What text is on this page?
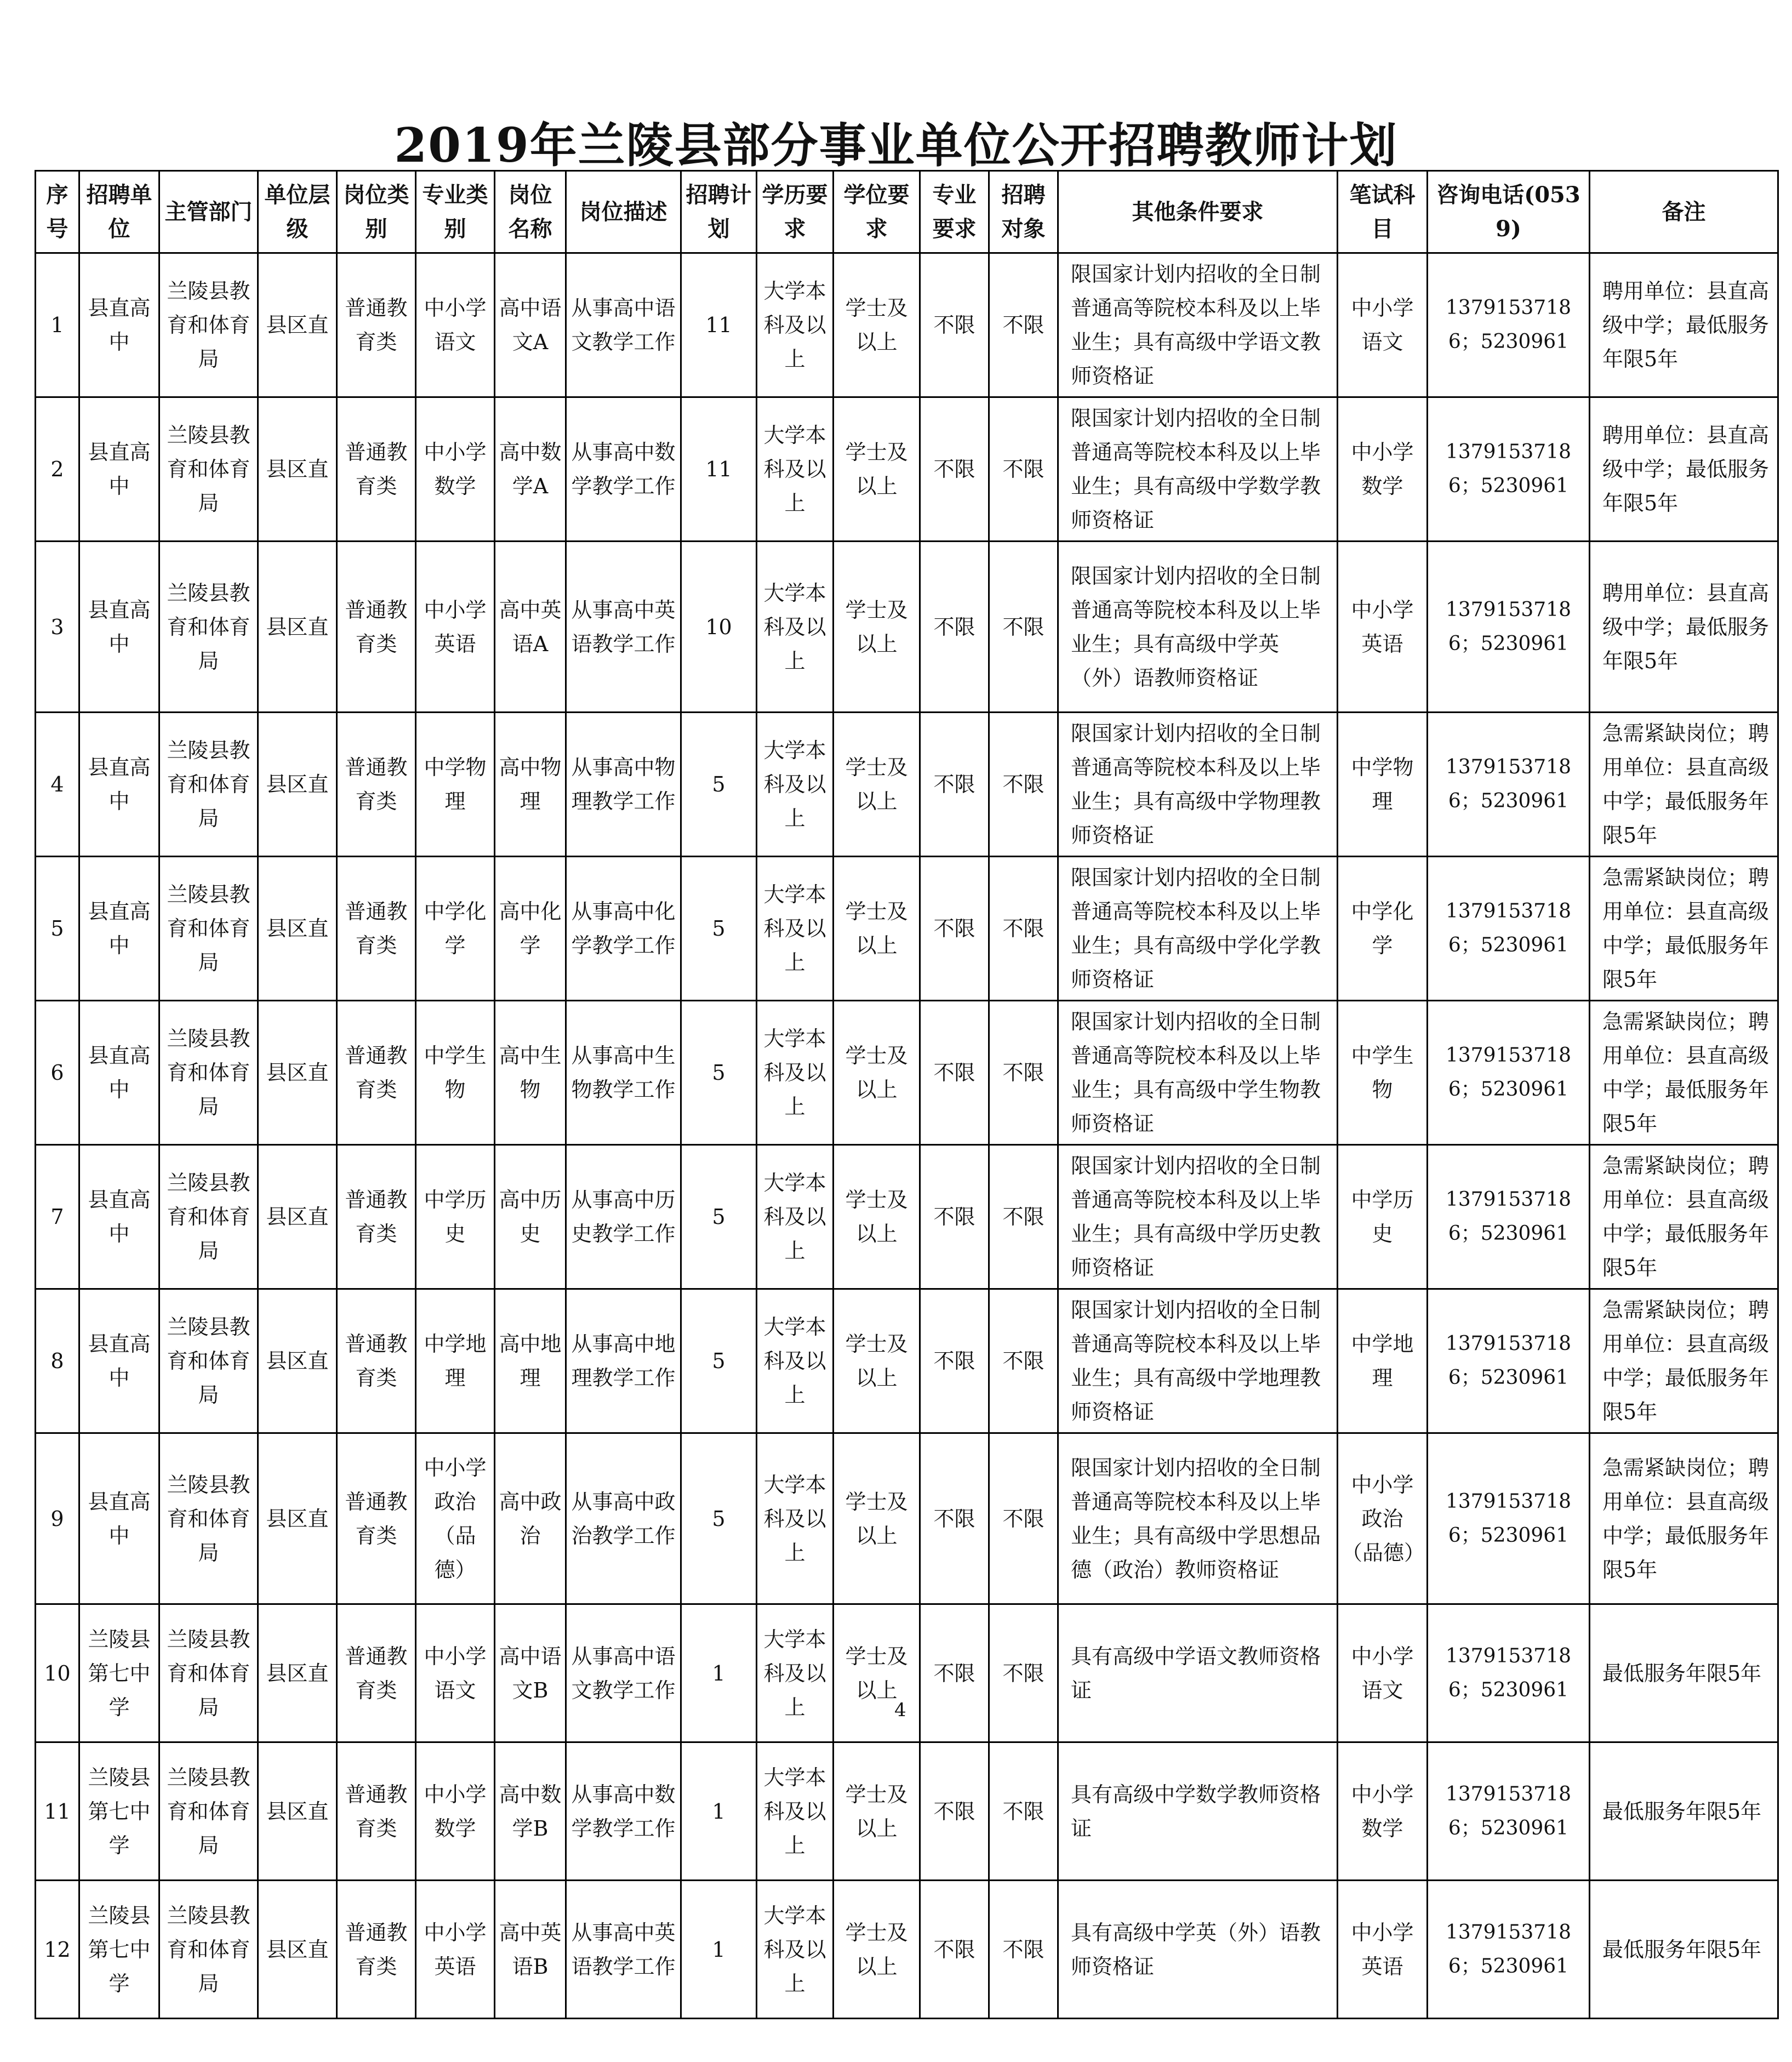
2019年兰陵县部分事业单位公开招聘教师计划
序号	招聘单位	主管部门	单位层级	岗位类别	专业类别	岗位名称	岗位描述	招聘计划	学历要求	学位要求	专业要求	招聘对象	其他条件要求	笔试科目	咨询电话(0539)	备注
1	县直高中	兰陵县教育和体育局	县区直	普通教育类	中小学语文	高中语文A	从事高中语文教学工作	11	大学本科及以上	学士及以上	不限	不限	限国家计划内招收的全日制普通高等院校本科及以上毕业生；具有高级中学语文教师资格证	中小学语文	13791537186；5230961	聘用单位：县直高级中学；最低服务年限5年
2	县直高中	兰陵县教育和体育局	县区直	普通教育类	中小学数学	高中数学A	从事高中数学教学工作	11	大学本科及以上	学士及以上	不限	不限	限国家计划内招收的全日制普通高等院校本科及以上毕业生；具有高级中学数学教师资格证	中小学数学	13791537186；5230961	聘用单位：县直高级中学；最低服务年限5年
3	县直高中	兰陵县教育和体育局	县区直	普通教育类	中小学英语	高中英语A	从事高中英语教学工作	10	大学本科及以上	学士及以上	不限	不限	限国家计划内招收的全日制普通高等院校本科及以上毕业生；具有高级中学英（外）语教师资格证	中小学英语	13791537186；5230961	聘用单位：县直高级中学；最低服务年限5年
4	县直高中	兰陵县教育和体育局	县区直	普通教育类	中学物理	高中物理	从事高中物理教学工作	5	大学本科及以上	学士及以上	不限	不限	限国家计划内招收的全日制普通高等院校本科及以上毕业生；具有高级中学物理教师资格证	中学物理	13791537186；5230961	急需紧缺岗位；聘用单位：县直高级中学；最低服务年限5年
5	县直高中	兰陵县教育和体育局	县区直	普通教育类	中学化学	高中化学	从事高中化学教学工作	5	大学本科及以上	学士及以上	不限	不限	限国家计划内招收的全日制普通高等院校本科及以上毕业生；具有高级中学化学教师资格证	中学化学	13791537186；5230961	急需紧缺岗位；聘用单位：县直高级中学；最低服务年限5年
6	县直高中	兰陵县教育和体育局	县区直	普通教育类	中学生物	高中生物	从事高中生物教学工作	5	大学本科及以上	学士及以上	不限	不限	限国家计划内招收的全日制普通高等院校本科及以上毕业生；具有高级中学生物教师资格证	中学生物	13791537186；5230961	急需紧缺岗位；聘用单位：县直高级中学；最低服务年限5年
7	县直高中	兰陵县教育和体育局	县区直	普通教育类	中学历史	高中历史	从事高中历史教学工作	5	大学本科及以上	学士及以上	不限	不限	限国家计划内招收的全日制普通高等院校本科及以上毕业生；具有高级中学历史教师资格证	中学历史	13791537186；5230961	急需紧缺岗位；聘用单位：县直高级中学；最低服务年限5年
8	县直高中	兰陵县教育和体育局	县区直	普通教育类	中学地理	高中地理	从事高中地理教学工作	5	大学本科及以上	学士及以上	不限	不限	限国家计划内招收的全日制普通高等院校本科及以上毕业生；具有高级中学地理教师资格证	中学地理	13791537186；5230961	急需紧缺岗位；聘用单位：县直高级中学；最低服务年限5年
9	县直高中	兰陵县教育和体育局	县区直	普通教育类	中小学政治（品德）	高中政治	从事高中政治教学工作	5	大学本科及以上	学士及以上	不限	不限	限国家计划内招收的全日制普通高等院校本科及以上毕业生；具有高级中学思想品德（政治）教师资格证	中小学政治（品德）	13791537186；5230961	急需紧缺岗位；聘用单位：县直高级中学；最低服务年限5年
10	兰陵县第七中学	兰陵县教育和体育局	县区直	普通教育类	中小学语文	高中语文B	从事高中语文教学工作	1	大学本科及以上	学士及以上	不限	不限	具有高级中学语文教师资格证	中小学语文	13791537186；5230961	最低服务年限5年
11	兰陵县第七中学	兰陵县教育和体育局	县区直	普通教育类	中小学数学	高中数学B	从事高中数学教学工作	1	大学本科及以上	学士及以上	不限	不限	具有高级中学数学教师资格证	中小学数学	13791537186；5230961	最低服务年限5年
12	兰陵县第七中学	兰陵县教育和体育局	县区直	普通教育类	中小学英语	高中英语B	从事高中英语教学工作	1	大学本科及以上	学士及以上	不限	不限	具有高级中学英（外）语教师资格证	中小学英语	13791537186；5230961	最低服务年限5年
4
